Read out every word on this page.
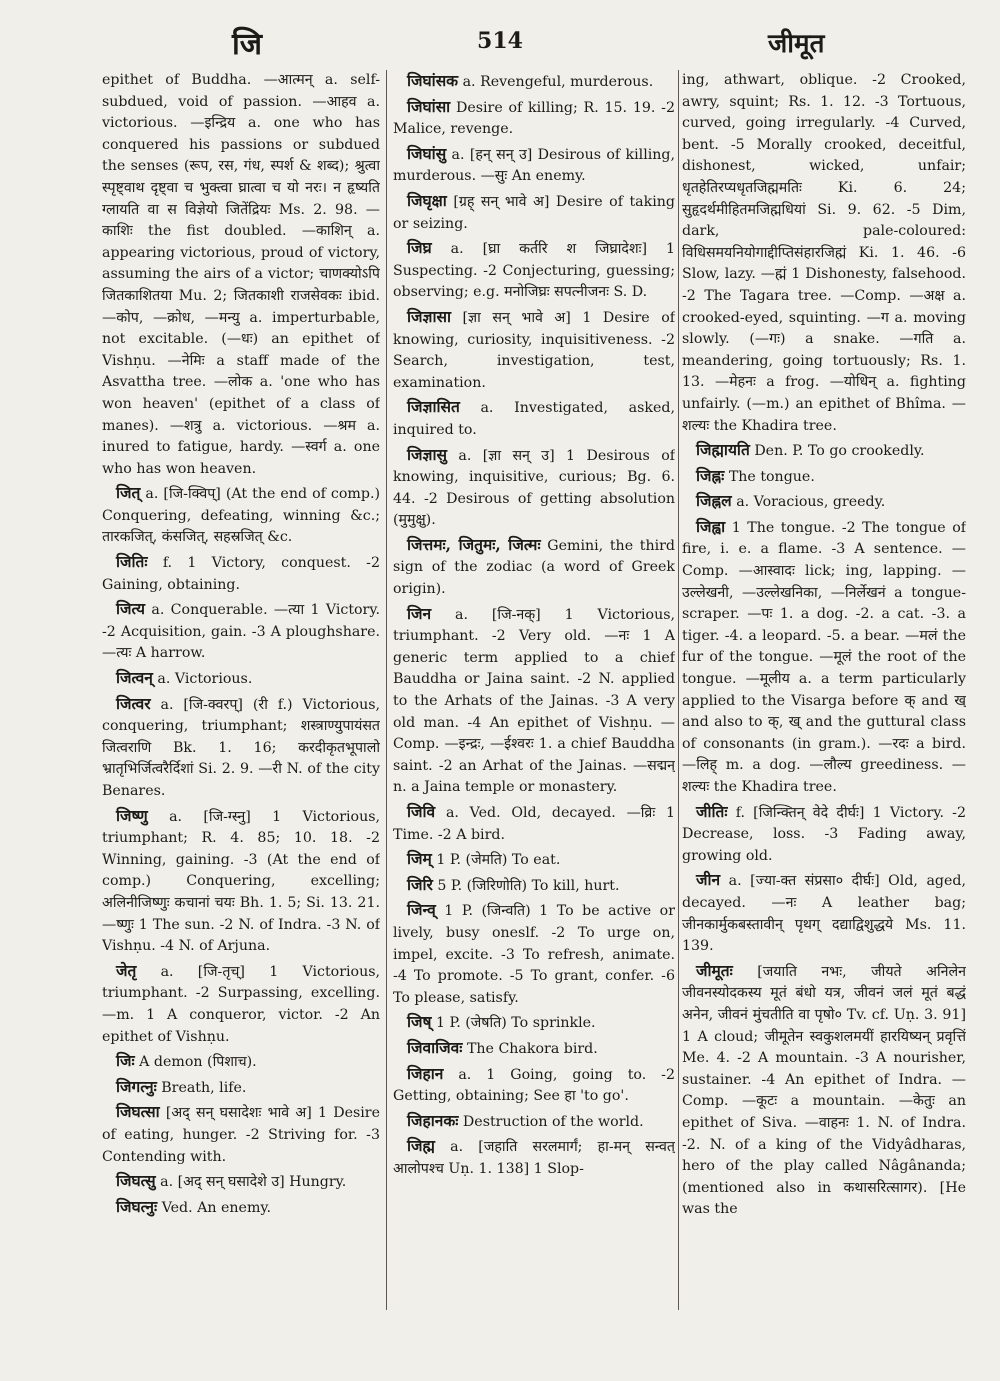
जि	514	जीमूत

epithet of Buddha. —आत्मन् a. self-subdued, void of passion. —आहव a. victorious. —इन्द्रिय a. one who has conquered his passions or subdued the senses (रूप, रस, गंध, स्पर्श & शब्द); श्रुत्वा स्पृष्ट्वाथ दृष्ट्वा च भुक्त्वा घ्रात्वा च यो नरः। न हृष्यति ग्लायति वा स विज्ञेयो जितेंद्रियः Ms. 2. 98. —काशिः the fist doubled. —काशिन् a. appearing victorious, proud of victory, assuming the airs of a victor; चाणक्योऽपि जितकाशितया Mu. 2; जितकाशी राजसेवकः ibid. —कोप, —क्रोध, —मन्यु a. imperturbable, not excitable. (—धः) an epithet of Vishṇu. —नेमिः a staff made of the Asvattha tree. —लोक a. 'one who has won heaven' (epithet of a class of manes). —शत्रु a. victorious. —श्रम a. inured to fatigue, hardy. —स्वर्ग a. one who has won heaven.

जित् a. [जि-क्विप्] (At the end of comp.) Conquering, defeating, winning &c.; तारकजित्, कंसजित्, सहस्रजित् &c.

जितिः f. 1 Victory, conquest. -2 Gaining, obtaining.

जित्य a. Conquerable. —त्या 1 Victory. -2 Acquisition, gain. -3 A ploughshare. —त्यः A harrow.

जित्वन् a. Victorious.

जित्वर a. [जि-क्वरप्] (री f.) Victorious, conquering, triumphant; शस्त्राण्युपायंसत जित्वराणि Bk. 1. 16; करदीकृतभूपालो भ्रातृभिर्जित्वरैर्दिशां Si. 2. 9. —री N. of the city Benares.

जिष्णु a. [जि-ग्स्नु] 1 Victorious, triumphant; R. 4. 85; 10. 18. -2 Winning, gaining. -3 (At the end of comp.) Conquering, excelling; अलिनीजिष्णुः कचानां चयः Bh. 1. 5; Si. 13. 21. —ष्णुः 1 The sun. -2 N. of Indra. -3 N. of Vishṇu. -4 N. of Arjuna.

जेतृ a. [जि-तृच्] 1 Victorious, triumphant. -2 Surpassing, excelling. —m. 1 A conqueror, victor. -2 An epithet of Vishṇu.

जिः A demon (पिशाच).

जिगत्नुः Breath, life.

जिघत्सा [अद् सन् घसादेशः भावे अ] 1 Desire of eating, hunger. -2 Striving for. -3 Contending with.

जिघत्सु a. [अद् सन् घसादेशे उ] Hungry.

जिघत्नुः Ved. An enemy.

जिघांसक a. Revengeful, murderous.

जिघांसा Desire of killing; R. 15. 19. -2 Malice, revenge.

जिघांसु a. [हन् सन् उ] Desirous of killing, murderous. —सुः An enemy.

जिघृक्षा [ग्रह् सन् भावे अ] Desire of taking or seizing.

जिघ्र a. [घ्रा कर्तरि श जिघ्रादेशः] 1 Suspecting. -2 Conjecturing, guessing; observing; e.g. मनोजिघ्रः सपत्नीजनः S. D.

जिज्ञासा [ज्ञा सन् भावे अ] 1 Desire of knowing, curiosity, inquisitiveness. -2 Search, investigation, test, examination.

जिज्ञासित a. Investigated, asked, inquired to.

जिज्ञासु a. [ज्ञा सन् उ] 1 Desirous of knowing, inquisitive, curious; Bg. 6. 44. -2 Desirous of getting absolution (मुमुक्षु).

जित्तमः, जितुमः, जित्मः Gemini, the third sign of the zodiac (a word of Greek origin).

जिन a. [जि-नक्] 1 Victorious, triumphant. -2 Very old. —नः 1 A generic term applied to a chief Bauddha or Jaina saint. -2 N. applied to the Arhats of the Jainas. -3 A very old man. -4 An epithet of Vishṇu. —Comp. —इन्द्रः, —ईश्वरः 1. a chief Bauddha saint. -2 an Arhat of the Jainas. —सद्मन् n. a Jaina temple or monastery.

जिवि a. Ved. Old, decayed. —व्रिः 1 Time. -2 A bird.

जिम् 1 P. (जेमति) To eat.

जिरि 5 P. (जिरिणोति) To kill, hurt.

जिन्व् 1 P. (जिन्वति) 1 To be active or lively, busy oneslf. -2 To urge on, impel, excite. -3 To refresh, animate. -4 To promote. -5 To grant, confer. -6 To please, satisfy.

जिष् 1 P. (जेषति) To sprinkle.

जिवाजिवः The Chakora bird.

जिहान a. 1 Going, going to. -2 Getting, obtaining; See हा 'to go'.

जिहानकः Destruction of the world.

जिह्म a. [जहाति सरलमार्गं; हा-मन् सन्वत् आलोपश्च Uṇ. 1. 138] 1 Slop-

ing, athwart, oblique. -2 Crooked, awry, squint; Rs. 1. 12. -3 Tortuous, curved, going irregularly. -4 Curved, bent. -5 Morally crooked, deceitful, dishonest, wicked, unfair; धृतहेतिरप्यधृतजिह्ममतिः Ki. 6. 24; सुहृदर्थमीहितमजिह्मधियां Si. 9. 62. -5 Dim, dark, pale-coloured: विधिसमयनियोगाद्दीप्तिसंहारजिह्मं Ki. 1. 46. -6 Slow, lazy. —ह्मं 1 Dishonesty, falsehood. -2 The Tagara tree. —Comp. —अक्ष a. crooked-eyed, squinting. —ग a. moving slowly. (—गः) a snake. —गति a. meandering, going tortuously; Rs. 1. 13. —मेहनः a frog. —योधिन् a. fighting unfairly. (—m.) an epithet of Bhîma. —शल्यः the Khadira tree.

जिह्मायति Den. P. To go crookedly.

जिह्नः The tongue.

जिह्नल a. Voracious, greedy.

जिह्वा 1 The tongue. -2 The tongue of fire, i. e. a flame. -3 A sentence. —Comp. —आस्वादः lick; ing, lapping. —उल्लेखनी, —उल्लेखनिका, —निर्लेखनं a tongue-scraper. —पः 1. a dog. -2. a cat. -3. a tiger. -4. a leopard. -5. a bear. —मलं the fur of the tongue. —मूलं the root of the tongue. —मूलीय a. a term particularly applied to the Visarga before क् and ख् and also to क्, ख् and the guttural class of consonants (in gram.). —रदः a bird. —लिह् m. a dog. —लौल्य greediness. —शल्यः the Khadira tree.

जीतिः f. [जिन्क्तिन् वेदे दीर्घः] 1 Victory. -2 Decrease, loss. -3 Fading away, growing old.

जीन a. [ज्या-क्त संप्रसा० दीर्घः] Old, aged, decayed. —नः A leather bag; जीनकार्मुकबस्तावीन् पृथग् दद्याद्विशुद्धये Ms. 11. 139.

जीमूतः [जयाति नभः, जीयते अनिलेन जीवनस्योदकस्य मूतं बंधो यत्र, जीवनं जलं मूतं बद्धं अनेन, जीवनं मुंचतीति वा पृषो० Tv. cf. Uṇ. 3. 91] 1 A cloud; जीमूतेन स्वकुशलमयीं हारयिष्यन् प्रवृत्तिं Me. 4. -2 A mountain. -3 A nourisher, sustainer. -4 An epithet of Indra. —Comp. —कूटः a mountain. —केतुः an epithet of Siva. —वाहनः 1. N. of Indra. -2. N. of a king of the Vidyâdharas, hero of the play called Nâgânanda; (mentioned also in कथासरित्सागर). [He was the
